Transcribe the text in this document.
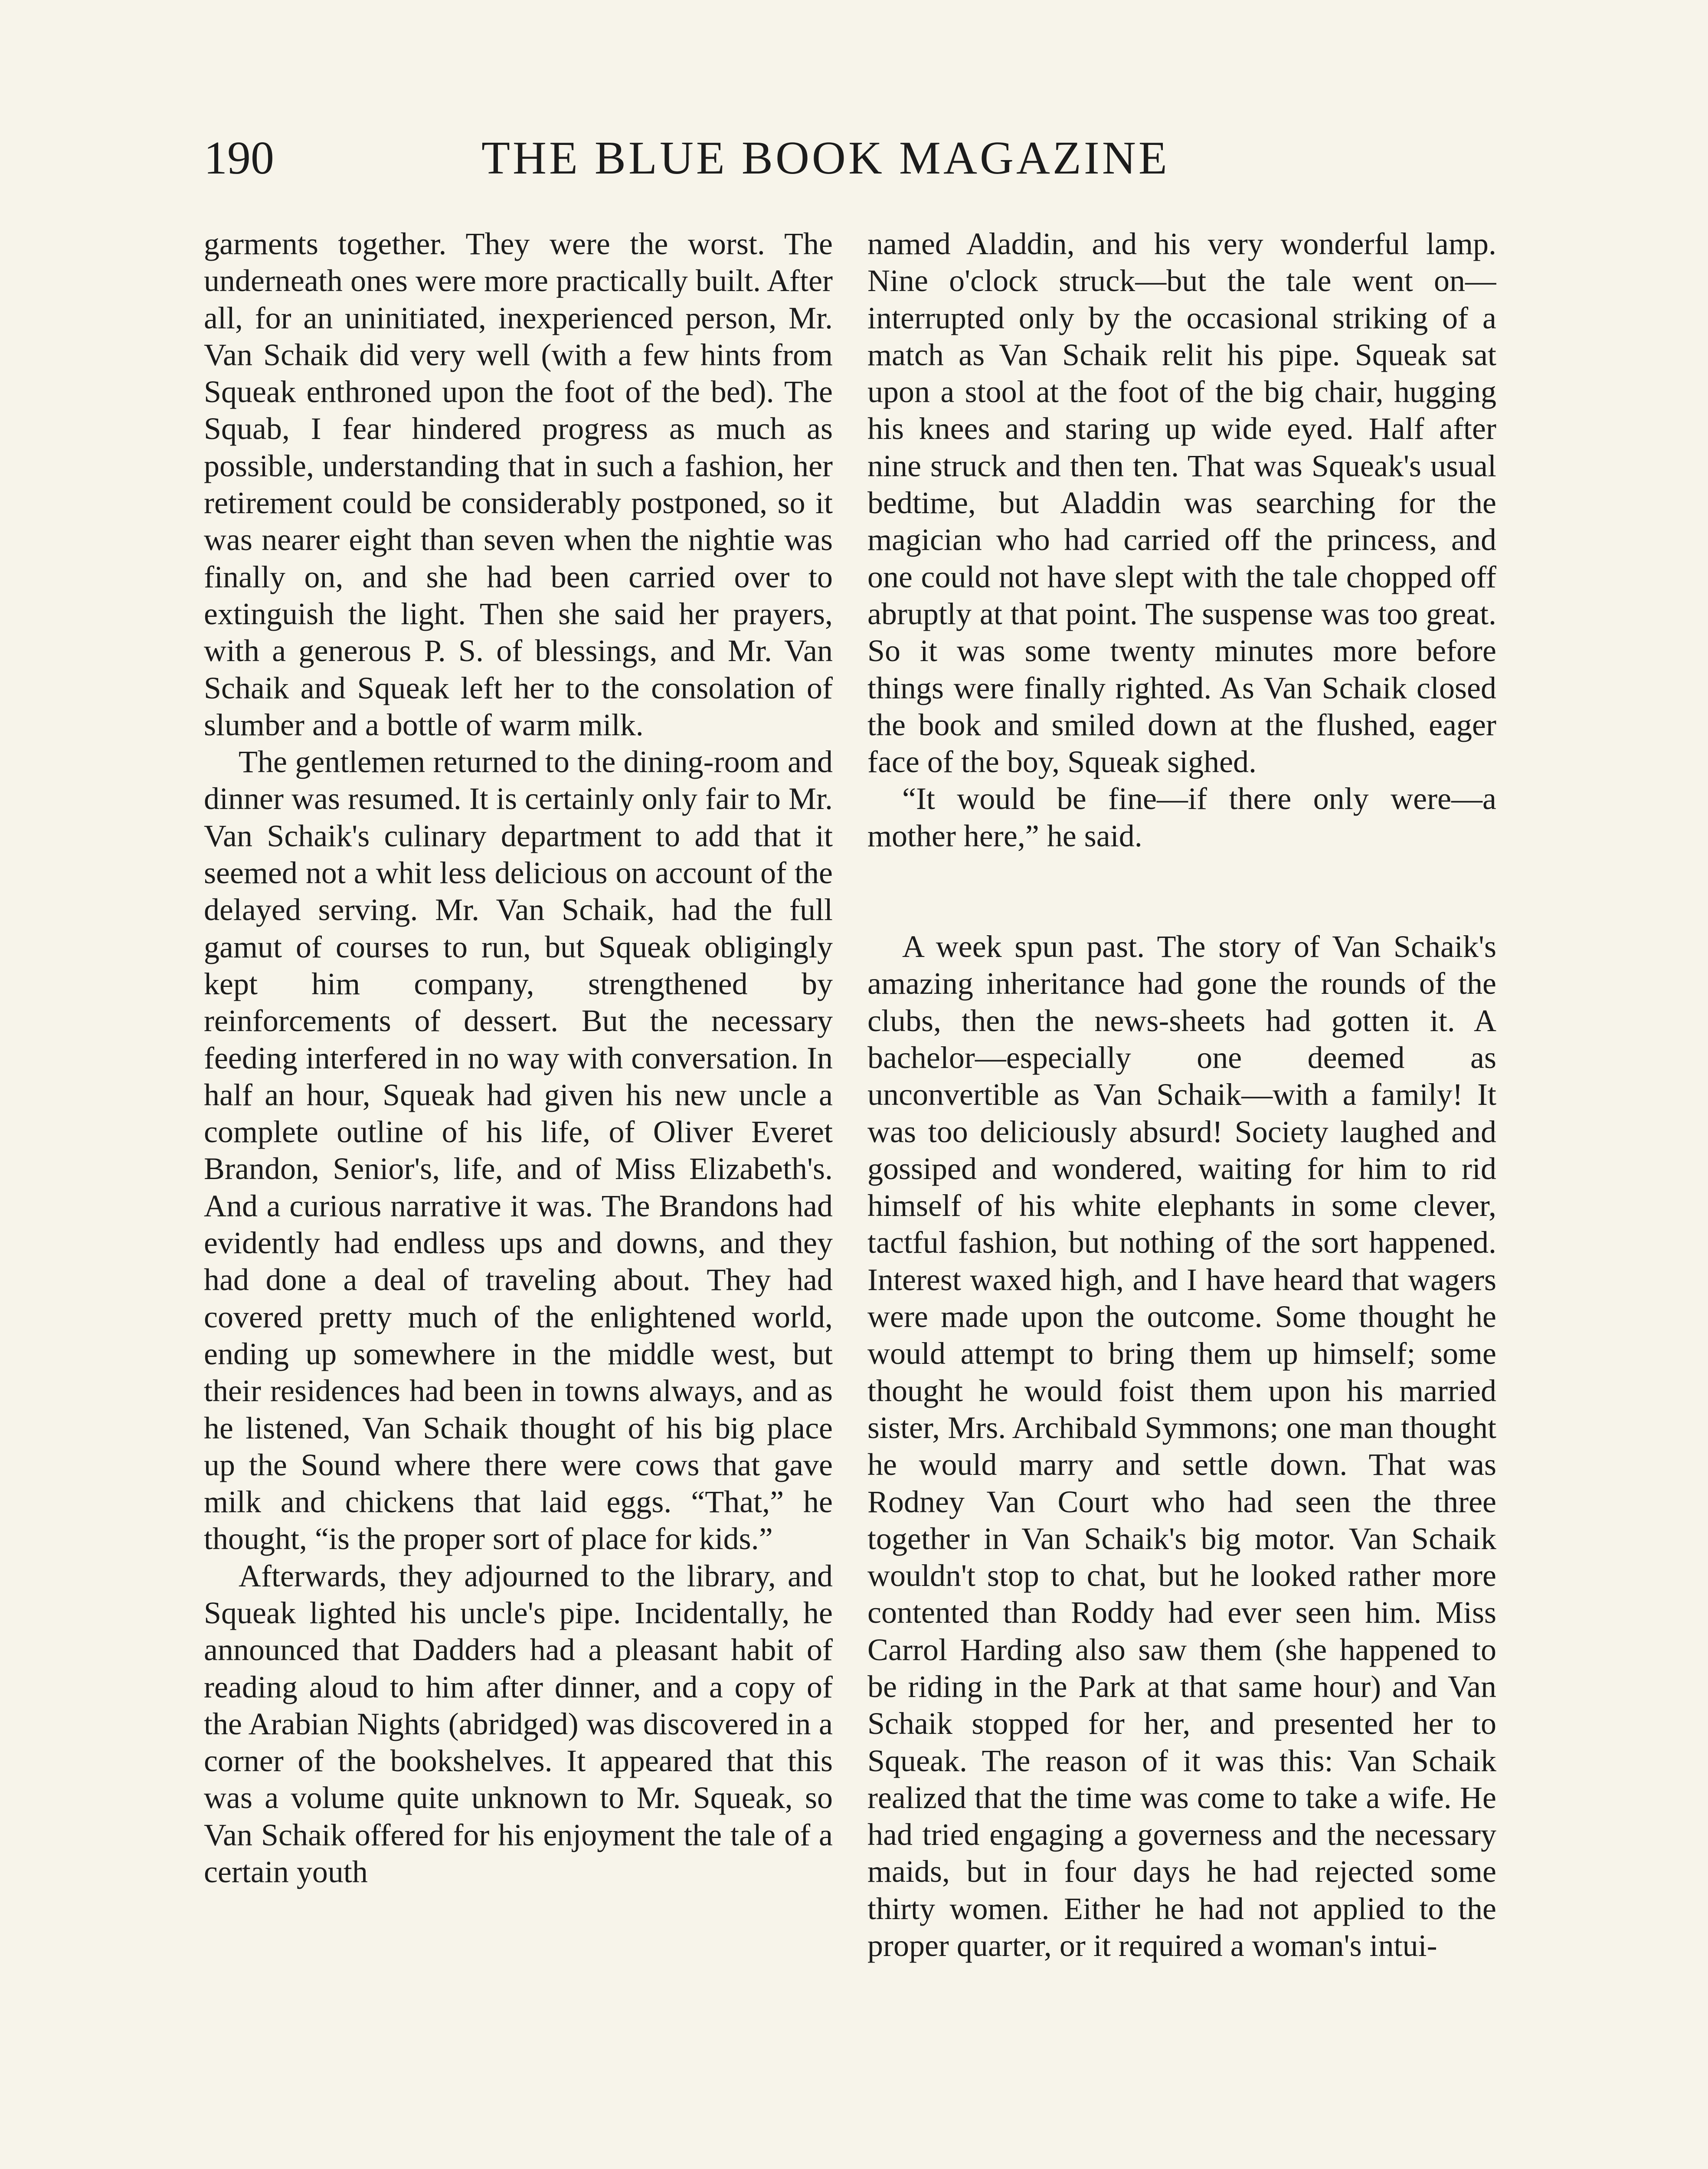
190	THE BLUE BOOK MAGAZINE

garments together. They were the worst. The underneath ones were more practically built. After all, for an uninitiated, inexperienced person, Mr. Van Schaik did very well (with a few hints from Squeak enthroned upon the foot of the bed). The Squab, I fear hindered progress as much as possible, understanding that in such a fashion, her retirement could be considerably postponed, so it was nearer eight than seven when the nightie was finally on, and she had been carried over to extinguish the light. Then she said her prayers, with a generous P. S. of blessings, and Mr. Van Schaik and Squeak left her to the consolation of slumber and a bottle of warm milk.

The gentlemen returned to the dining-room and dinner was resumed. It is certainly only fair to Mr. Van Schaik's culinary department to add that it seemed not a whit less delicious on account of the delayed serving. Mr. Van Schaik, had the full gamut of courses to run, but Squeak obligingly kept him company, strengthened by reinforcements of dessert. But the necessary feeding interfered in no way with conversation. In half an hour, Squeak had given his new uncle a complete outline of his life, of Oliver Everet Brandon, Senior's, life, and of Miss Elizabeth's. And a curious narrative it was. The Brandons had evidently had endless ups and downs, and they had done a deal of traveling about. They had covered pretty much of the enlightened world, ending up somewhere in the middle west, but their residences had been in towns always, and as he listened, Van Schaik thought of his big place up the Sound where there were cows that gave milk and chickens that laid eggs. “That,” he thought, “is the proper sort of place for kids.”

Afterwards, they adjourned to the library, and Squeak lighted his uncle's pipe. Incidentally, he announced that Dadders had a pleasant habit of reading aloud to him after dinner, and a copy of the Arabian Nights (abridged) was discovered in a corner of the bookshelves. It appeared that this was a volume quite unknown to Mr. Squeak, so Van Schaik offered for his enjoyment the tale of a certain youth

named Aladdin, and his very wonderful lamp. Nine o'clock struck—but the tale went on—interrupted only by the occasional striking of a match as Van Schaik relit his pipe. Squeak sat upon a stool at the foot of the big chair, hugging his knees and staring up wide eyed. Half after nine struck and then ten. That was Squeak's usual bedtime, but Aladdin was searching for the magician who had carried off the princess, and one could not have slept with the tale chopped off abruptly at that point. The suspense was too great. So it was some twenty minutes more before things were finally righted. As Van Schaik closed the book and smiled down at the flushed, eager face of the boy, Squeak sighed.

“It would be fine—if there only were—a mother here,” he said.

A week spun past. The story of Van Schaik's amazing inheritance had gone the rounds of the clubs, then the news-sheets had gotten it. A bachelor—especially one deemed as unconvertible as Van Schaik—with a family! It was too deliciously absurd! Society laughed and gossiped and wondered, waiting for him to rid himself of his white elephants in some clever, tactful fashion, but nothing of the sort happened. Interest waxed high, and I have heard that wagers were made upon the outcome. Some thought he would attempt to bring them up himself; some thought he would foist them upon his married sister, Mrs. Archibald Symmons; one man thought he would marry and settle down. That was Rodney Van Court who had seen the three together in Van Schaik's big motor. Van Schaik wouldn't stop to chat, but he looked rather more contented than Roddy had ever seen him. Miss Carrol Harding also saw them (she happened to be riding in the Park at that same hour) and Van Schaik stopped for her, and presented her to Squeak. The reason of it was this: Van Schaik realized that the time was come to take a wife. He had tried engaging a governess and the necessary maids, but in four days he had rejected some thirty women. Either he had not applied to the proper quarter, or it required a woman's intui-
